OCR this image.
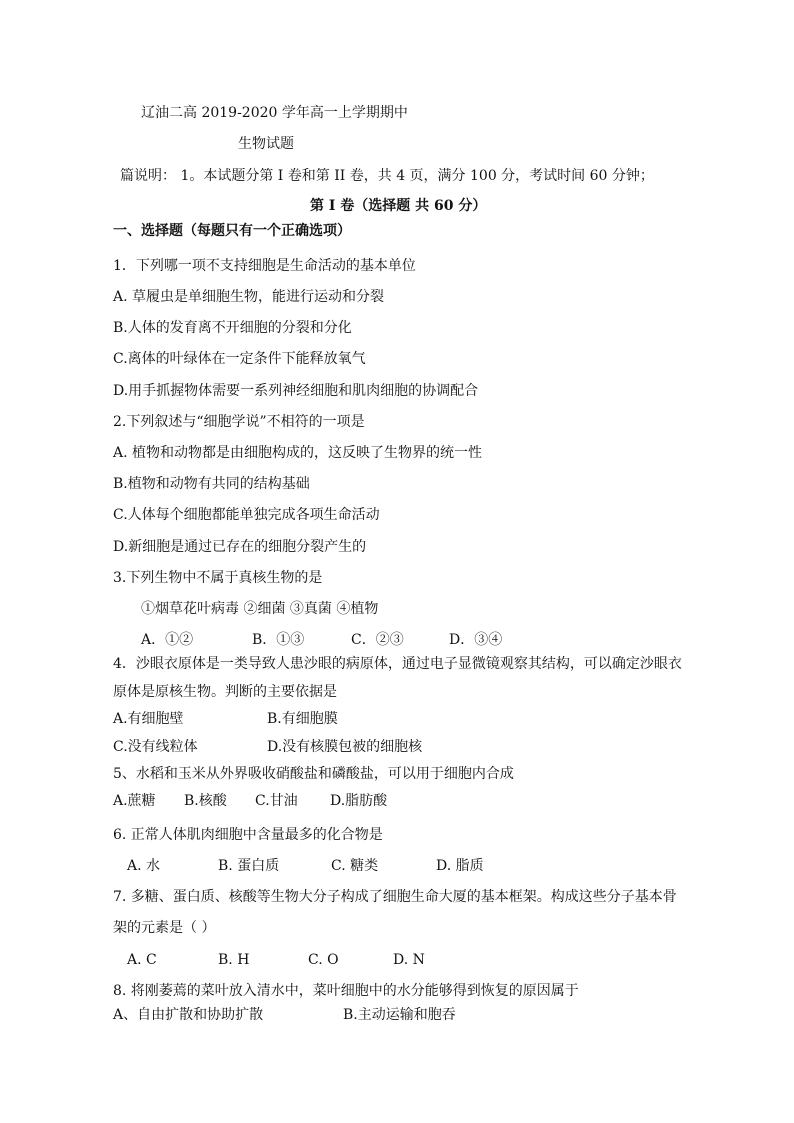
辽油二高 2019-2020 学年高一上学期期中
生物试题
篇说明： 1。本试题分第 I 卷和第 II 卷，共 4 页，满分 100 分，考试时间 60 分钟；
第 I 卷（选择题 共 60 分）
一、选择题（每题只有一个正确选项）
1．下列哪一项不支持细胞是生命活动的基本单位
A. 草履虫是单细胞生物，能进行运动和分裂
B.人体的发育离不开细胞的分裂和分化
C.离体的叶绿体在一定条件下能释放氧气
D.用手抓握物体需要一系列神经细胞和肌肉细胞的协调配合
2.下列叙述与“细胞学说”不相符的一项是
A. 植物和动物都是由细胞构成的，这反映了生物界的统一性
B.植物和动物有共同的结构基础
C.人体每个细胞都能单独完成各项生命活动
D.新细胞是通过已存在的细胞分裂产生的
3.下列生物中不属于真核生物的是
①烟草花叶病毒 ②细菌 ③真菌 ④植物
A．①②	B．①③	C．②③	D．③④
4．沙眼衣原体是一类导致人患沙眼的病原体，通过电子显微镜观察其结构，可以确定沙眼衣
原体是原核生物。判断的主要依据是
A.有细胞壁	B.有细胞膜
C.没有线粒体	D.没有核膜包被的细胞核
5、水稻和玉米从外界吸收硝酸盐和磷酸盐，可以用于细胞内合成
A.蔗糖 B.核酸 C.甘油 D.脂肪酸
6. 正常人体肌肉细胞中含量最多的化合物是
A. 水	B. 蛋白质	C. 糖类	D. 脂质
7. 多糖、蛋白质、核酸等生物大分子构成了细胞生命大厦的基本框架。构成这些分子基本骨
架的元素是（ ）
A. C	B. H	C. O	D. N
8. 将刚萎蔫的菜叶放入清水中，菜叶细胞中的水分能够得到恢复的原因属于
A、自由扩散和协助扩散	B.主动运输和胞吞
